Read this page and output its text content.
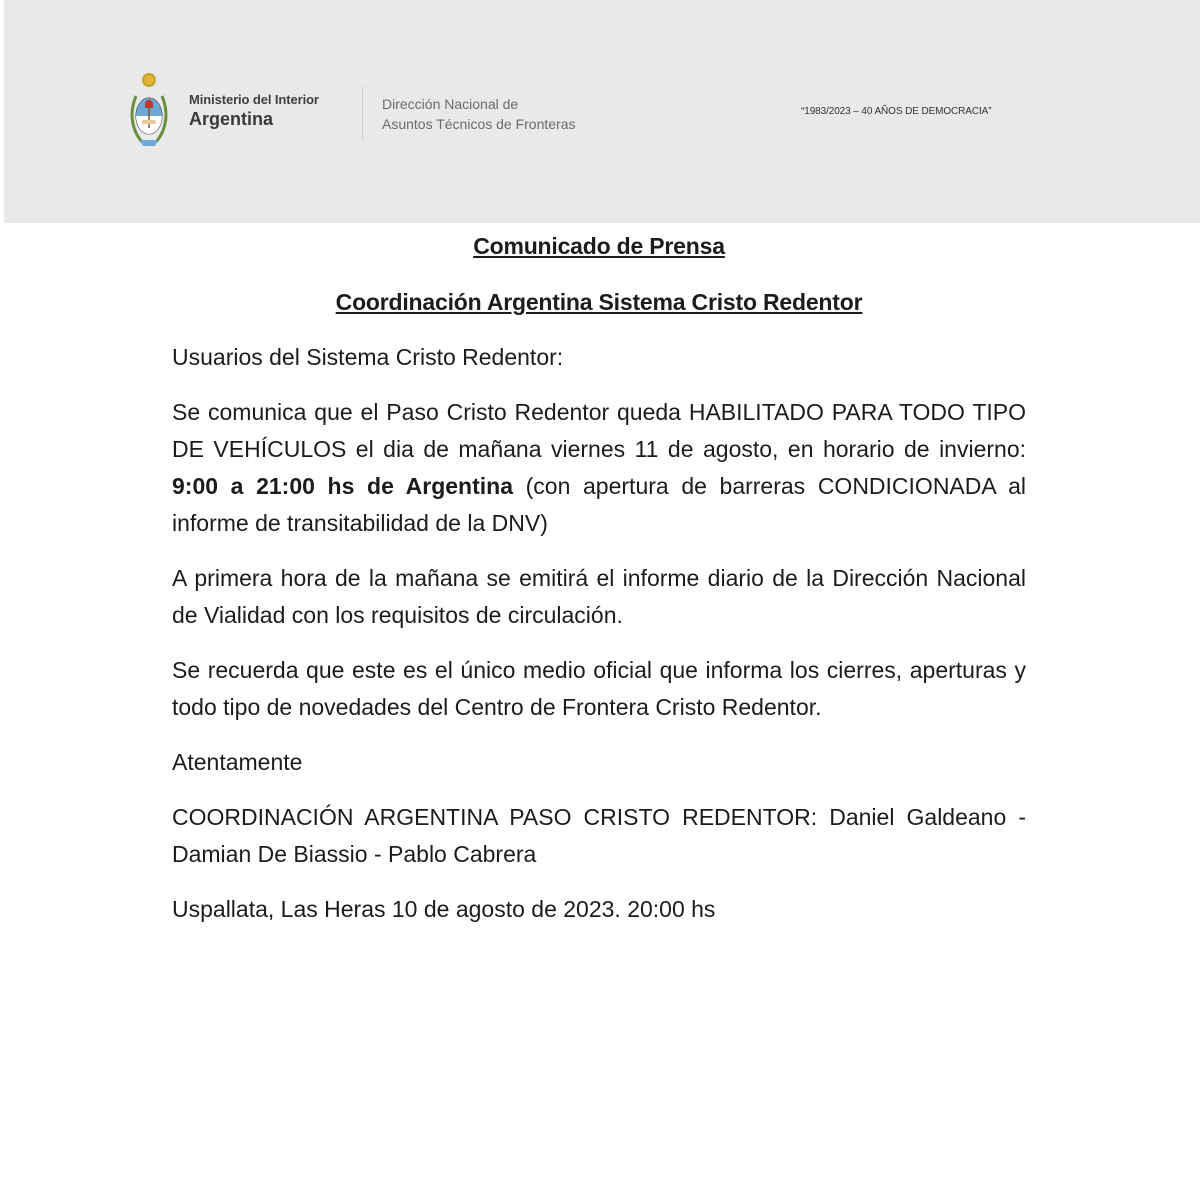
Ministerio del Interior
Argentina
Dirección Nacional de
Asuntos Técnicos de Fronteras
“1983/2023 – 40 AÑOS DE DEMOCRACIA”

Comunicado de Prensa

Coordinación Argentina Sistema Cristo Redentor

Usuarios del Sistema Cristo Redentor:

Se comunica que el Paso Cristo Redentor queda HABILITADO PARA TODO TIPO DE VEHÍCULOS el dia de mañana viernes 11 de agosto, en horario de invierno: 9:00 a 21:00 hs de Argentina (con apertura de barreras CONDICIONADA al informe de transitabilidad de la DNV)

A primera hora de la mañana se emitirá el informe diario de la Dirección Nacional de Vialidad con los requisitos de circulación.

Se recuerda que este es el único medio oficial que informa los cierres, aperturas y todo tipo de novedades del Centro de Frontera Cristo Redentor.

Atentamente

COORDINACIÓN ARGENTINA PASO CRISTO REDENTOR: Daniel Galdeano - Damian De Biassio - Pablo Cabrera

Uspallata, Las Heras 10 de agosto de 2023. 20:00 hs
